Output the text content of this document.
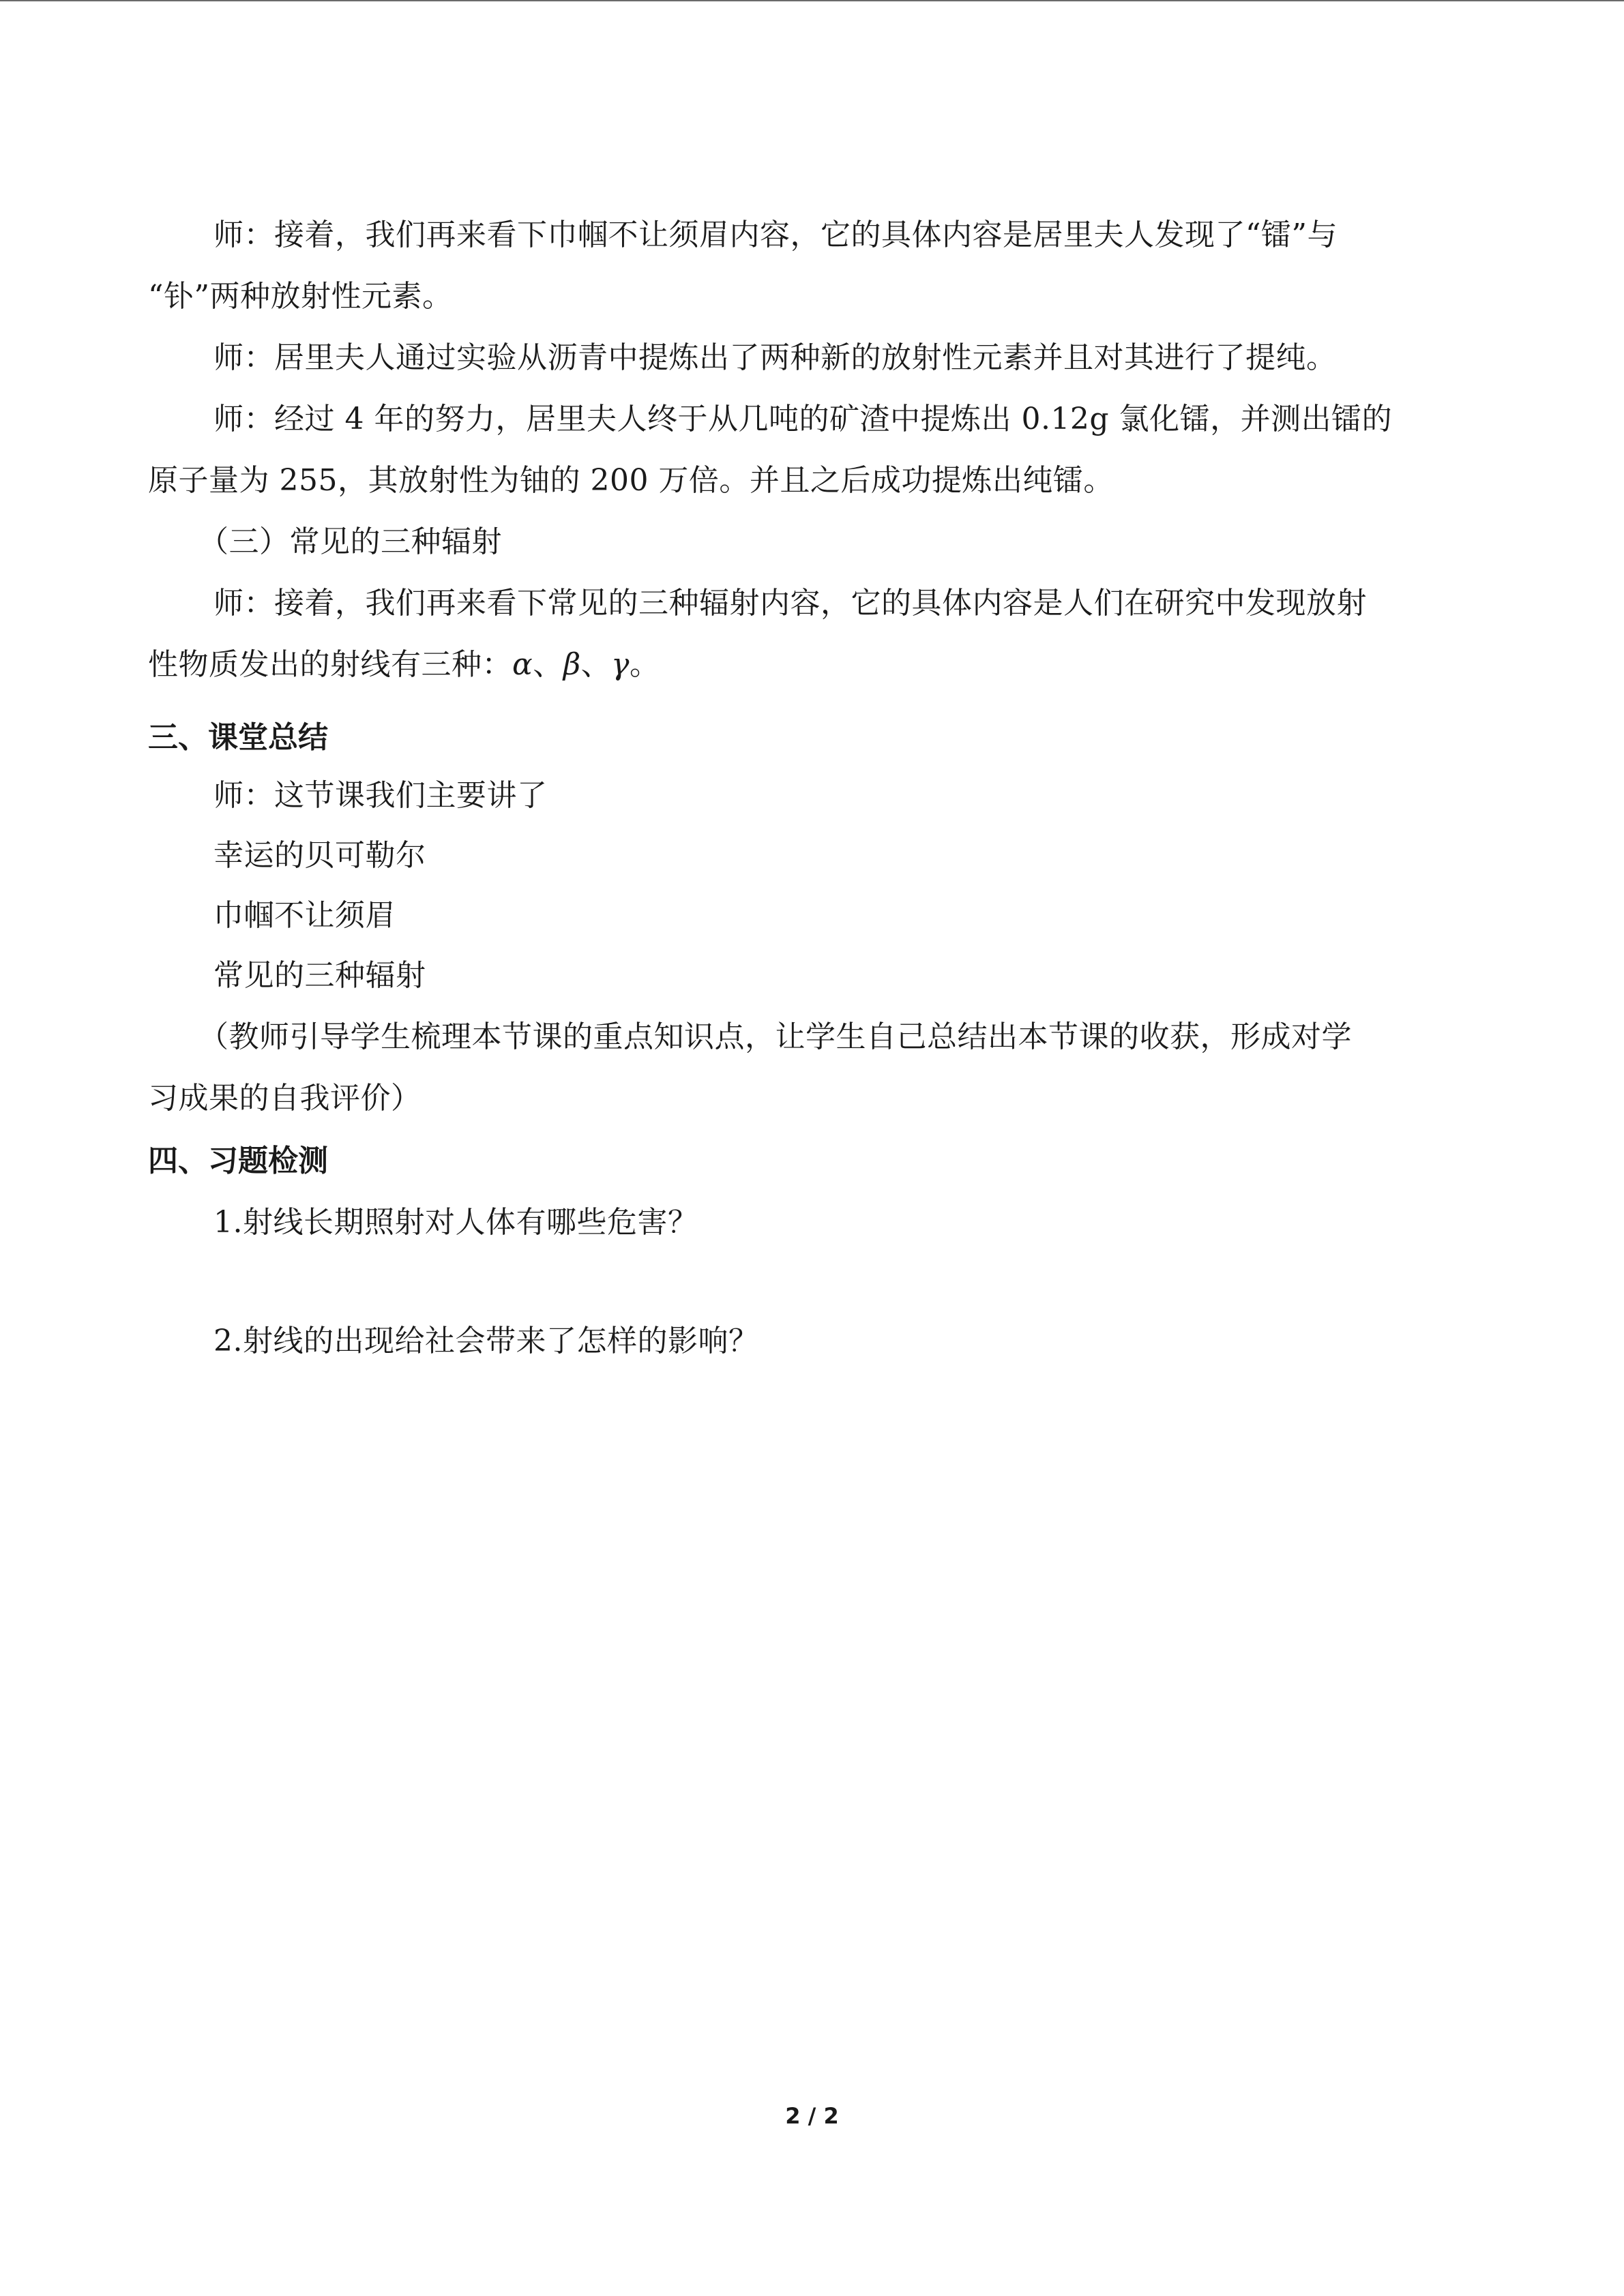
师：接着，我们再来看下巾帼不让须眉内容，它的具体内容是居里夫人发现了“镭”与
“钋”两种放射性元素。
师：居里夫人通过实验从沥青中提炼出了两种新的放射性元素并且对其进行了提纯。
师：经过 4 年的努力，居里夫人终于从几吨的矿渣中提炼出 0.12g 氯化镭，并测出镭的
原子量为 255，其放射性为铀的 200 万倍。并且之后成功提炼出纯镭。
（三）常见的三种辐射
师：接着，我们再来看下常见的三种辐射内容，它的具体内容是人们在研究中发现放射
性物质发出的射线有三种：α、β、γ。
三、课堂总结
师：这节课我们主要讲了
幸运的贝可勒尔
巾帼不让须眉
常见的三种辐射
（教师引导学生梳理本节课的重点知识点，让学生自己总结出本节课的收获，形成对学
习成果的自我评价）
四、习题检测
1.射线长期照射对人体有哪些危害？
2.射线的出现给社会带来了怎样的影响？
2 / 2
